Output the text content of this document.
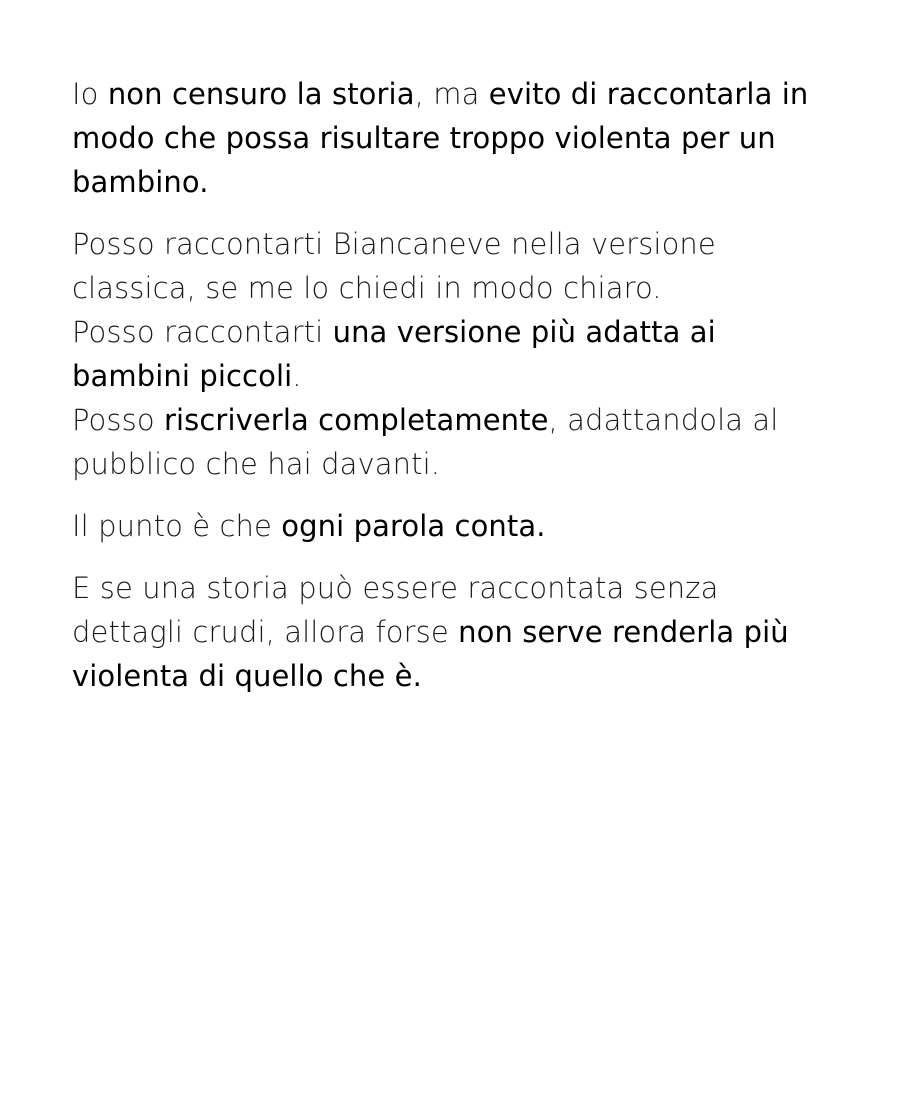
Io non censuro la storia, ma evito di raccontarla in modo che possa risultare troppo violenta per un bambino.

Posso raccontarti Biancaneve nella versione classica, se me lo chiedi in modo chiaro.
Posso raccontarti una versione più adatta ai bambini piccoli.
Posso riscriverla completamente, adattandola al pubblico che hai davanti.

Il punto è che ogni parola conta.

E se una storia può essere raccontata senza dettagli crudi, allora forse non serve renderla più violenta di quello che è.
